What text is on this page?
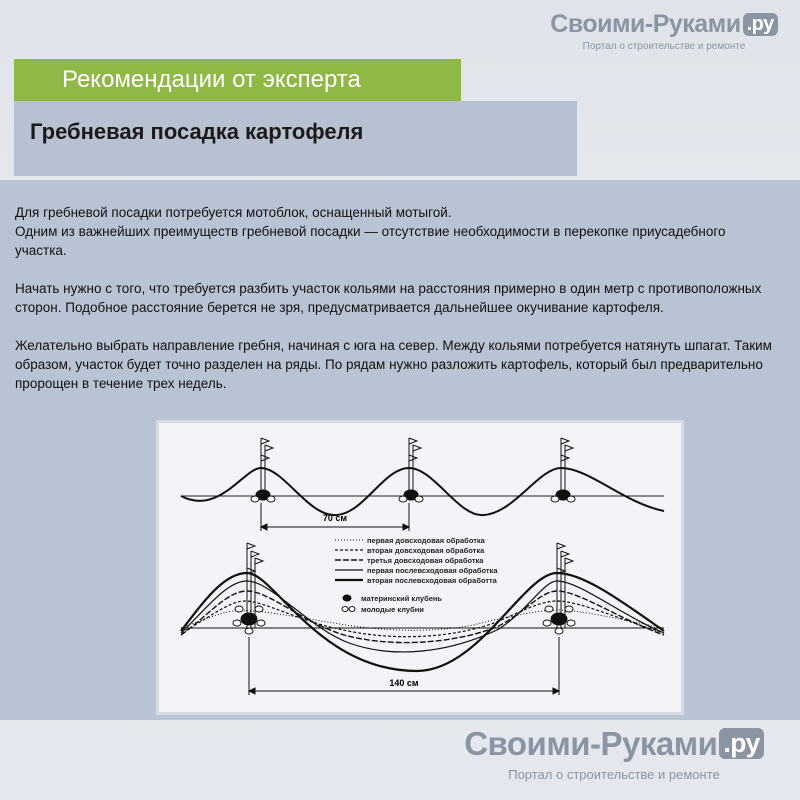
Своими-Руками .ру
Портал о строительстве и ремонте
Рекомендации от эксперта
Гребневая посадка картофеля

Для гребневой посадки потребуется мотоблок, оснащенный мотыгой.
Одним из важнейших преимуществ гребневой посадки — отсутствие необходимости в перекопке приусадебного участка.

Начать нужно с того, что требуется разбить участок кольями на расстояния примерно в один метр с противоположных сторон. Подобное расстояние берется не зря, предусматривается дальнейшее окучивание картофеля.

Желательно выбрать направление гребня, начиная с юга на север. Между кольями потребуется натянуть шпагат. Таким образом, участок будет точно разделен на ряды. По рядам нужно разложить картофель, который был предварительно пророщен в течение трех недель.

70 см
первая довсходовая обработка
вторая довсходовая обработка
третья довсходовая обработка
первая послевсходовая обработка
вторая послевсходовая обработта
материнский клубень
молодые клубни
140 см
Своими-Руками .ру
Портал о строительстве и ремонте
